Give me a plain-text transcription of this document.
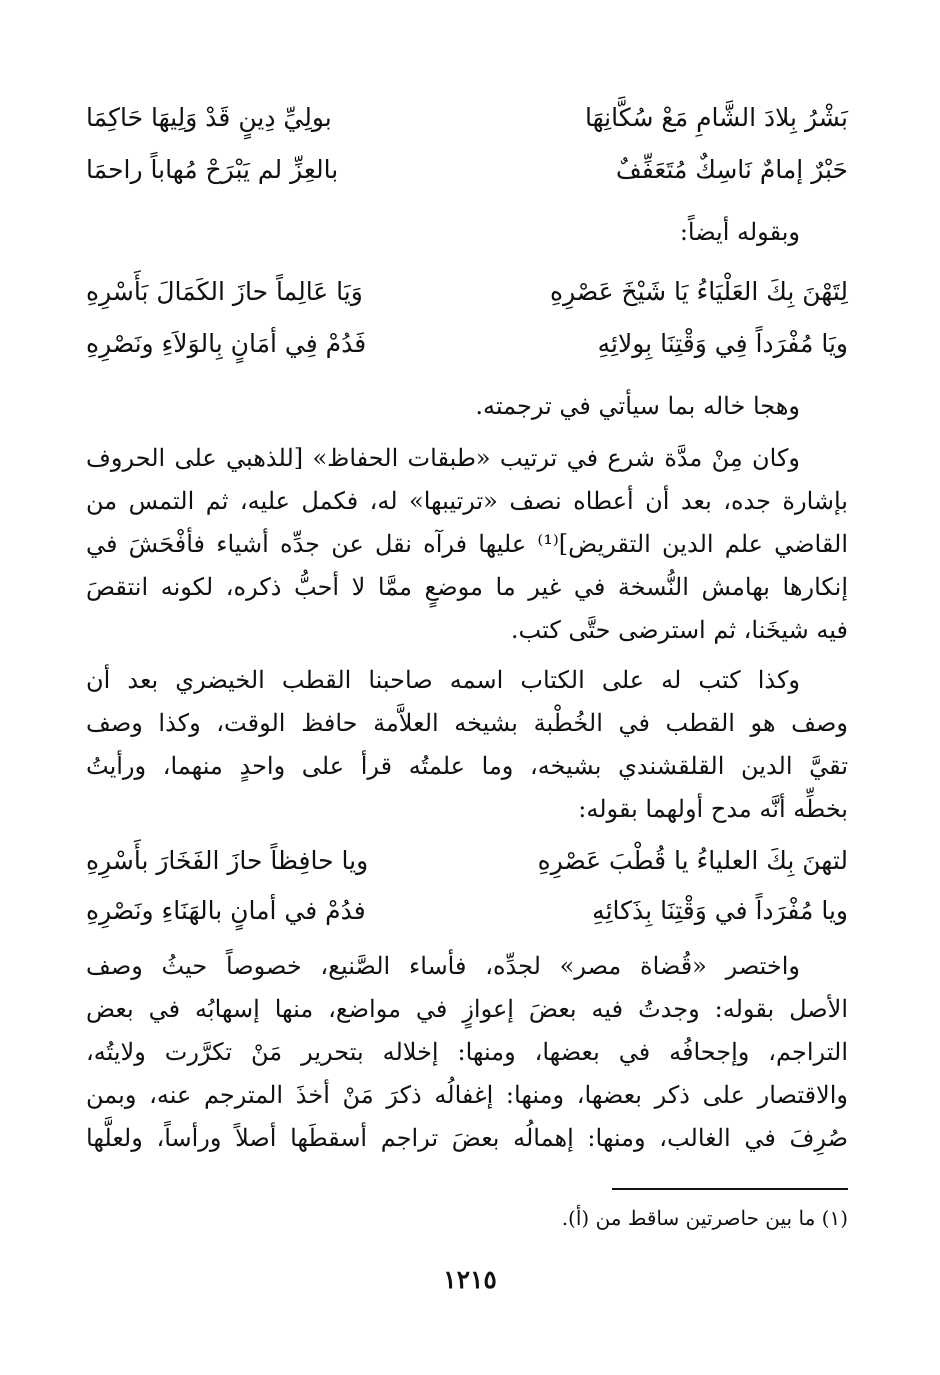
بَشْرُ بِلادَ الشَّامِ مَعْ سُكَّانِهَا
بولِيِّ دِينٍ قَدْ وَلِيهَا حَاكِمَا
حَبْرٌ إمامٌ نَاسِكٌ مُتَعَفِّفٌ
بالعِزِّ لم يَبْرَحْ مُهاباً راحمَا
وبقوله أيضاً:
لِتَهْنَ بِكَ العَلْيَاءُ يَا شَيْخَ عَصْرِهِ
وَيَا عَالِماً حازَ الكَمَالَ بَأَسْرِهِ
ويَا مُفْرَداً فِي وَقْتِنَا بِولائِهِ
فَدُمْ فِي أمَانٍ بِالوَلاَءِ ونَصْرِهِ
وهجا خاله بما سيأتي في ترجمته.
وكان مِنْ مدَّة شرع في ترتيب «طبقات الحفاظ» [للذهبي على الحروف
بإشارة جده، بعد أن أعطاه نصف «ترتيبها» له، فكمل عليه، ثم التمس من
القاضي علم الدين التقريض]⁽¹⁾ عليها فرآه نقل عن جدِّه أشياء فأفْحَشَ في
إنكارها بهامش النُّسخة في غير ما موضعٍ ممَّا لا أحبُّ ذكره، لكونه انتقصَ
فيه شيخَنا، ثم استرضى حتَّى كتب.
وكذا كتب له على الكتاب اسمه صاحبنا القطب الخيضري بعد أن
وصف هو القطب في الخُطْبة بشيخه العلاَّمة حافظ الوقت، وكذا وصف
تقيَّ الدين القلقشندي بشيخه، وما علمتُه قرأ على واحدٍ منهما، ورأيتُ
بخطِّه أنَّه مدح أولهما بقوله:
لتهنَ بِكَ العلياءُ يا قُطْبَ عَصْرِهِ
ويا حافِظاً حازَ الفَخَارَ بأَسْرِهِ
ويا مُفْرَداً في وَقْتِنَا بِذَكائِهِ
فدُمْ في أمانٍ بالهَنَاءِ ونَصْرِهِ
واختصر «قُضاة مصر» لجدِّه، فأساء الصَّنيع، خصوصاً حيثُ وصف
الأصل بقوله: وجدتُ فيه بعضَ إعوازٍ في مواضع، منها إسهابُه في بعض
التراجم، وإجحافُه في بعضها، ومنها: إخلاله بتحرير مَنْ تكرَّرت ولايتُه،
والاقتصار على ذكر بعضها، ومنها: إغفالُه ذكرَ مَنْ أخذَ المترجم عنه، وبمن
صُرِفَ في الغالب، ومنها: إهمالُه بعضَ تراجم أسقطَها أصلاً ورأساً، ولعلَّها
(١) ما بين حاصرتين ساقط من (أ).
١٢١٥
